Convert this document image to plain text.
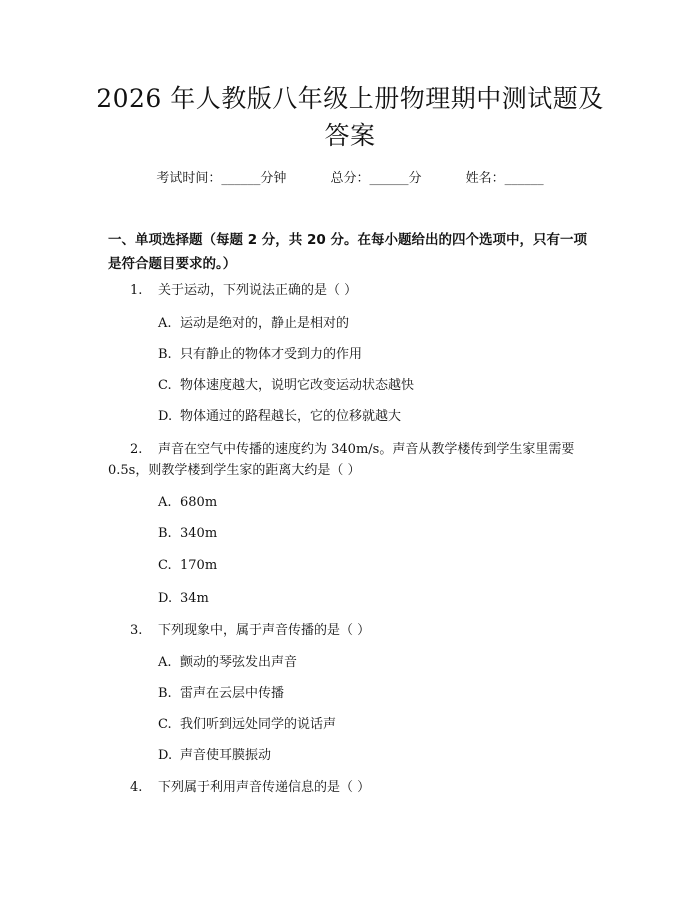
2026 年人教版八年级上册物理期中测试题及答案
考试时间：______分钟	总分：______分	姓名：______
一、单项选择题（每题 2 分，共 20 分。在每小题给出的四个选项中，只有一项是符合题目要求的。）
1. 关于运动，下列说法正确的是（ ）
A. 运动是绝对的，静止是相对的
B. 只有静止的物体才受到力的作用
C. 物体速度越大，说明它改变运动状态越快
D. 物体通过的路程越长，它的位移就越大
2. 声音在空气中传播的速度约为 340m/s。声音从教学楼传到学生家里需要 0.5s，则教学楼到学生家的距离大约是（ ）
A. 680m
B. 340m
C. 170m
D. 34m
3. 下列现象中，属于声音传播的是（ ）
A. 颤动的琴弦发出声音
B. 雷声在云层中传播
C. 我们听到远处同学的说话声
D. 声音使耳膜振动
4. 下列属于利用声音传递信息的是（ ）
